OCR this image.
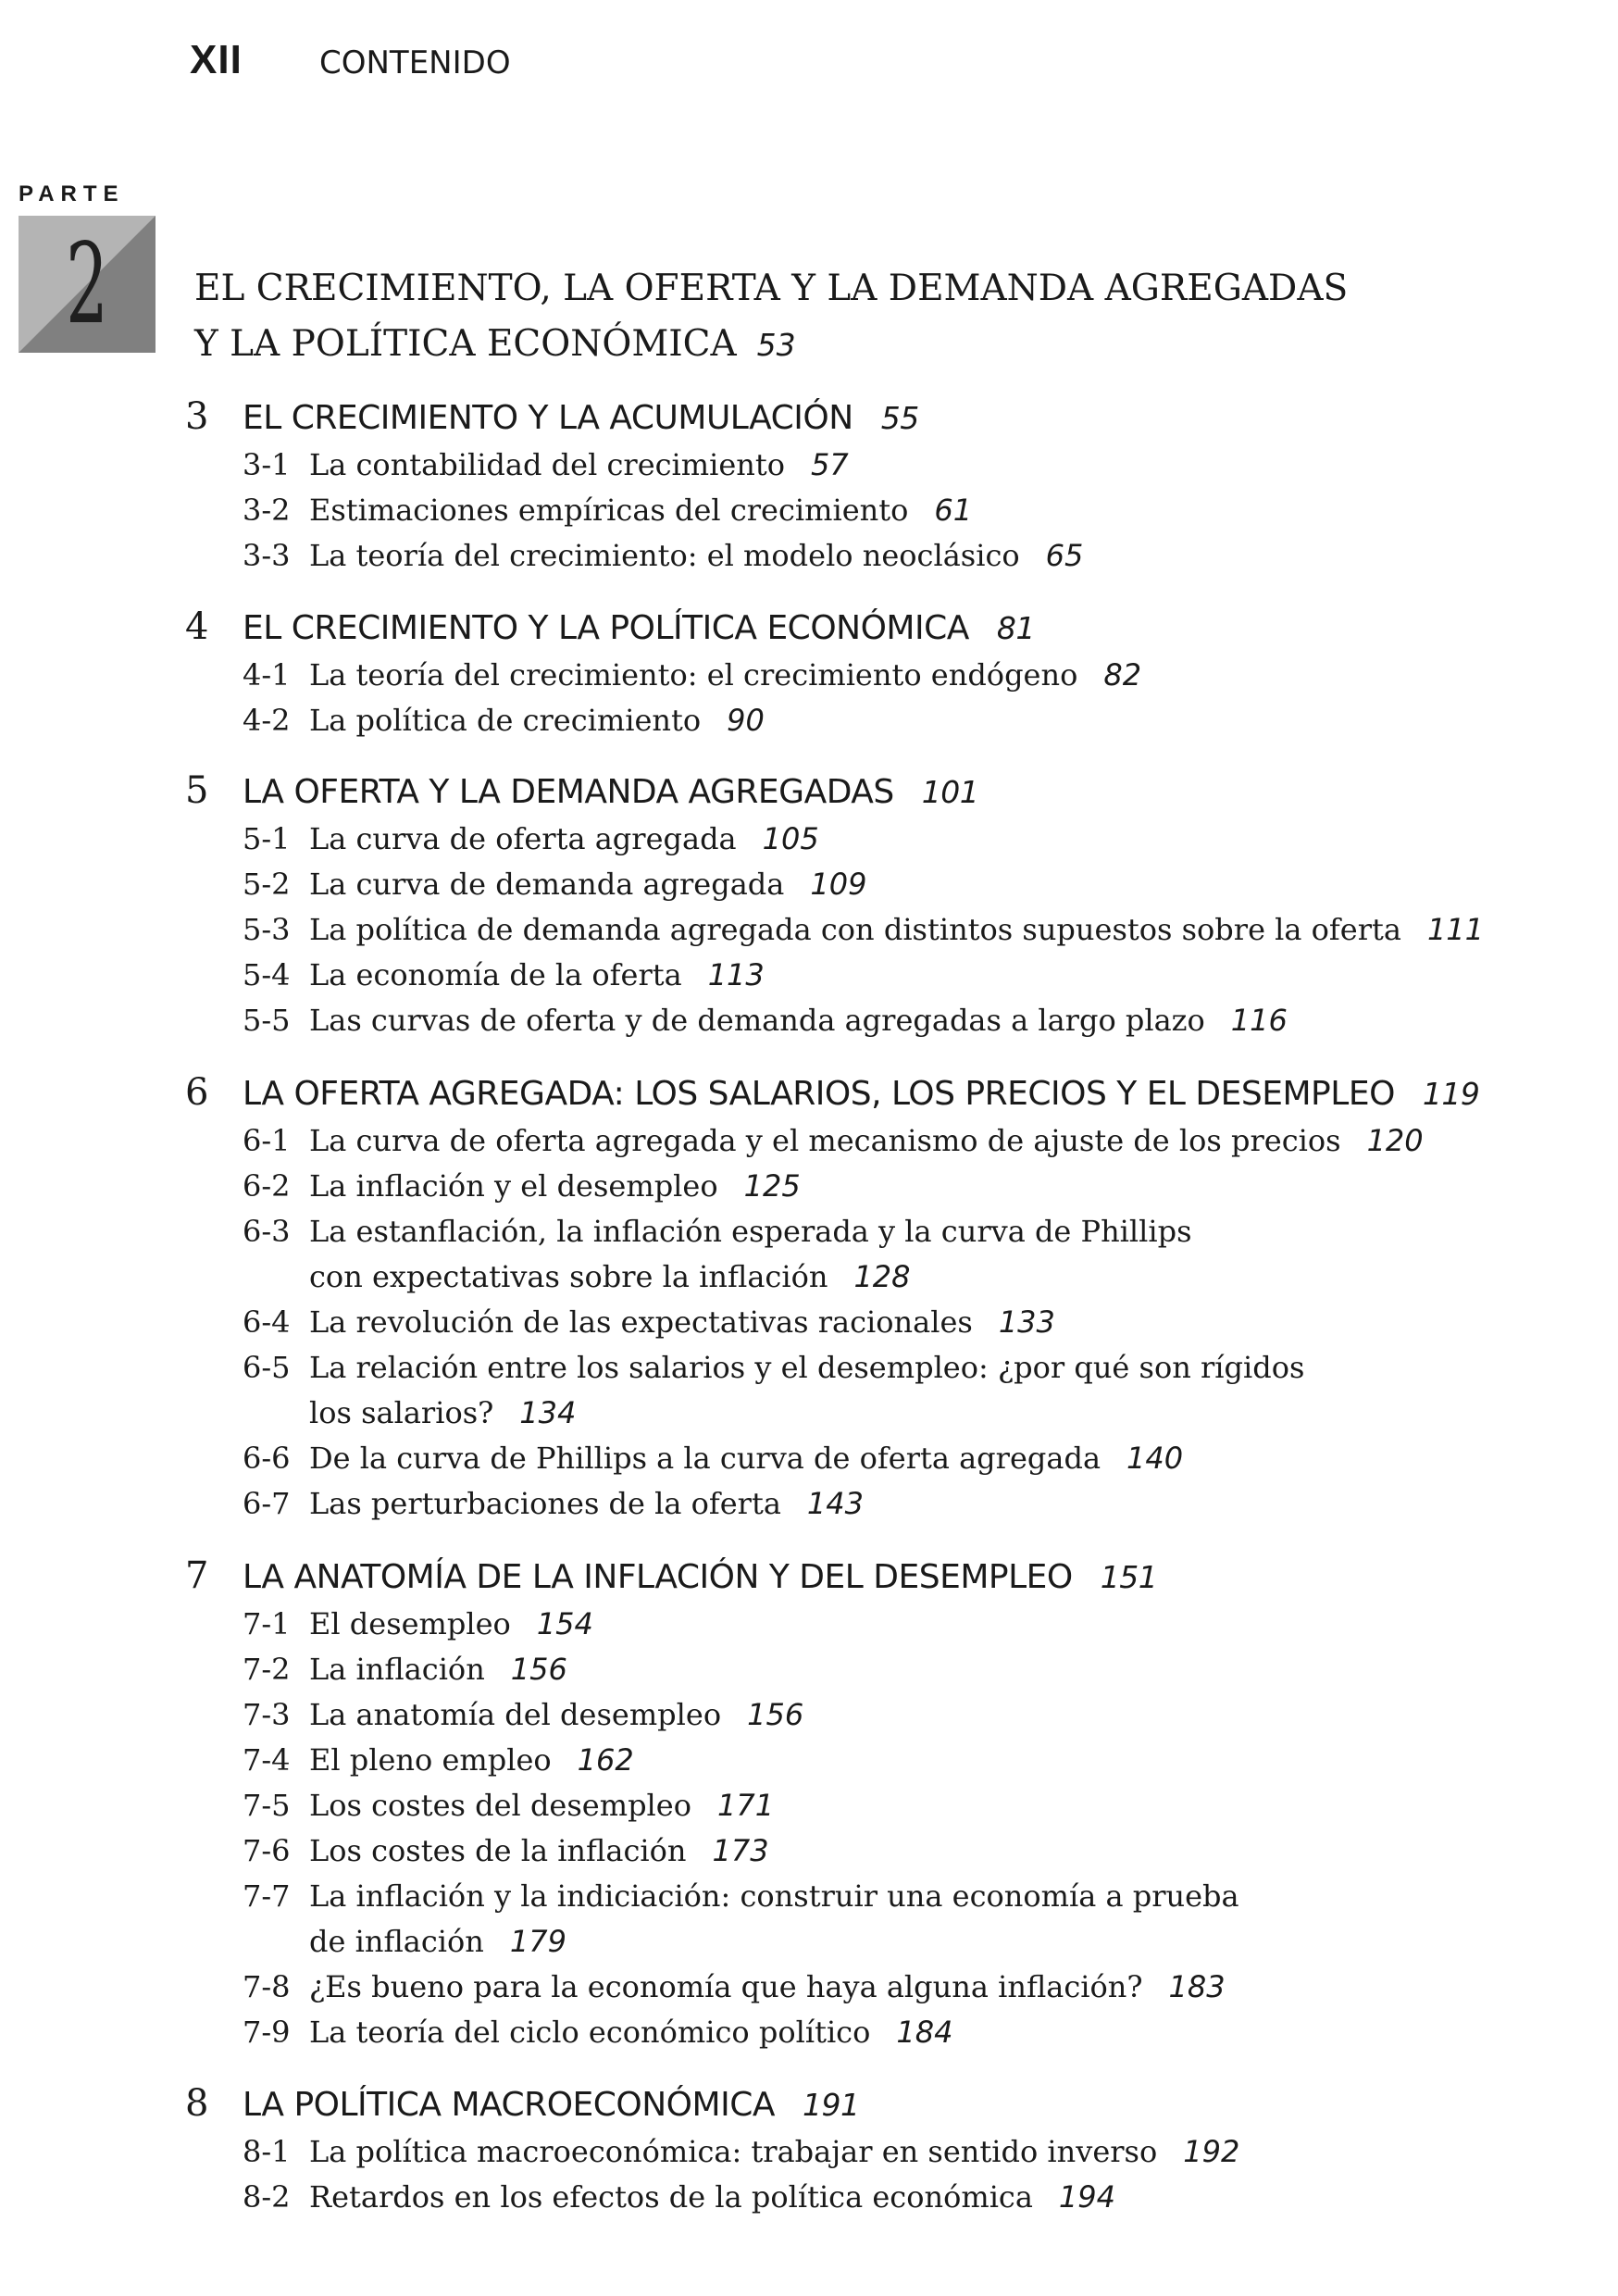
XII CONTENIDO
PARTE
2	EL CRECIMIENTO, LA OFERTA Y LA DEMANDA AGREGADAS
Y LA POLÍTICA ECONÓMICA 53
3 EL CRECIMIENTO Y LA ACUMULACIÓN 55
3-1 La contabilidad del crecimiento 57
3-2 Estimaciones empíricas del crecimiento 61
3-3 La teoría del crecimiento: el modelo neoclásico 65
4 EL CRECIMIENTO Y LA POLÍTICA ECONÓMICA 81
4-1 La teoría del crecimiento: el crecimiento endógeno 82
4-2 La política de crecimiento 90
5 LA OFERTA Y LA DEMANDA AGREGADAS 101
5-1 La curva de oferta agregada 105
5-2 La curva de demanda agregada 109
5-3 La política de demanda agregada con distintos supuestos sobre la oferta 111
5-4 La economía de la oferta 113
5-5 Las curvas de oferta y de demanda agregadas a largo plazo 116
6 LA OFERTA AGREGADA: LOS SALARIOS, LOS PRECIOS Y EL DESEMPLEO 119
6-1 La curva de oferta agregada y el mecanismo de ajuste de los precios 120
6-2 La inflación y el desempleo 125
6-3 La estanflación, la inflación esperada y la curva de Phillips
con expectativas sobre la inflación 128
6-4 La revolución de las expectativas racionales 133
6-5 La relación entre los salarios y el desempleo: ¿por qué son rígidos
los salarios? 134
6-6 De la curva de Phillips a la curva de oferta agregada 140
6-7 Las perturbaciones de la oferta 143
7 LA ANATOMÍA DE LA INFLACIÓN Y DEL DESEMPLEO 151
7-1 El desempleo 154
7-2 La inflación 156
7-3 La anatomía del desempleo 156
7-4 El pleno empleo 162
7-5 Los costes del desempleo 171
7-6 Los costes de la inflación 173
7-7 La inflación y la indiciación: construir una economía a prueba
de inflación 179
7-8 ¿Es bueno para la economía que haya alguna inflación? 183
7-9 La teoría del ciclo económico político 184
8 LA POLÍTICA MACROECONÓMICA 191
8-1 La política macroeconómica: trabajar en sentido inverso 192
8-2 Retardos en los efectos de la política económica 194
